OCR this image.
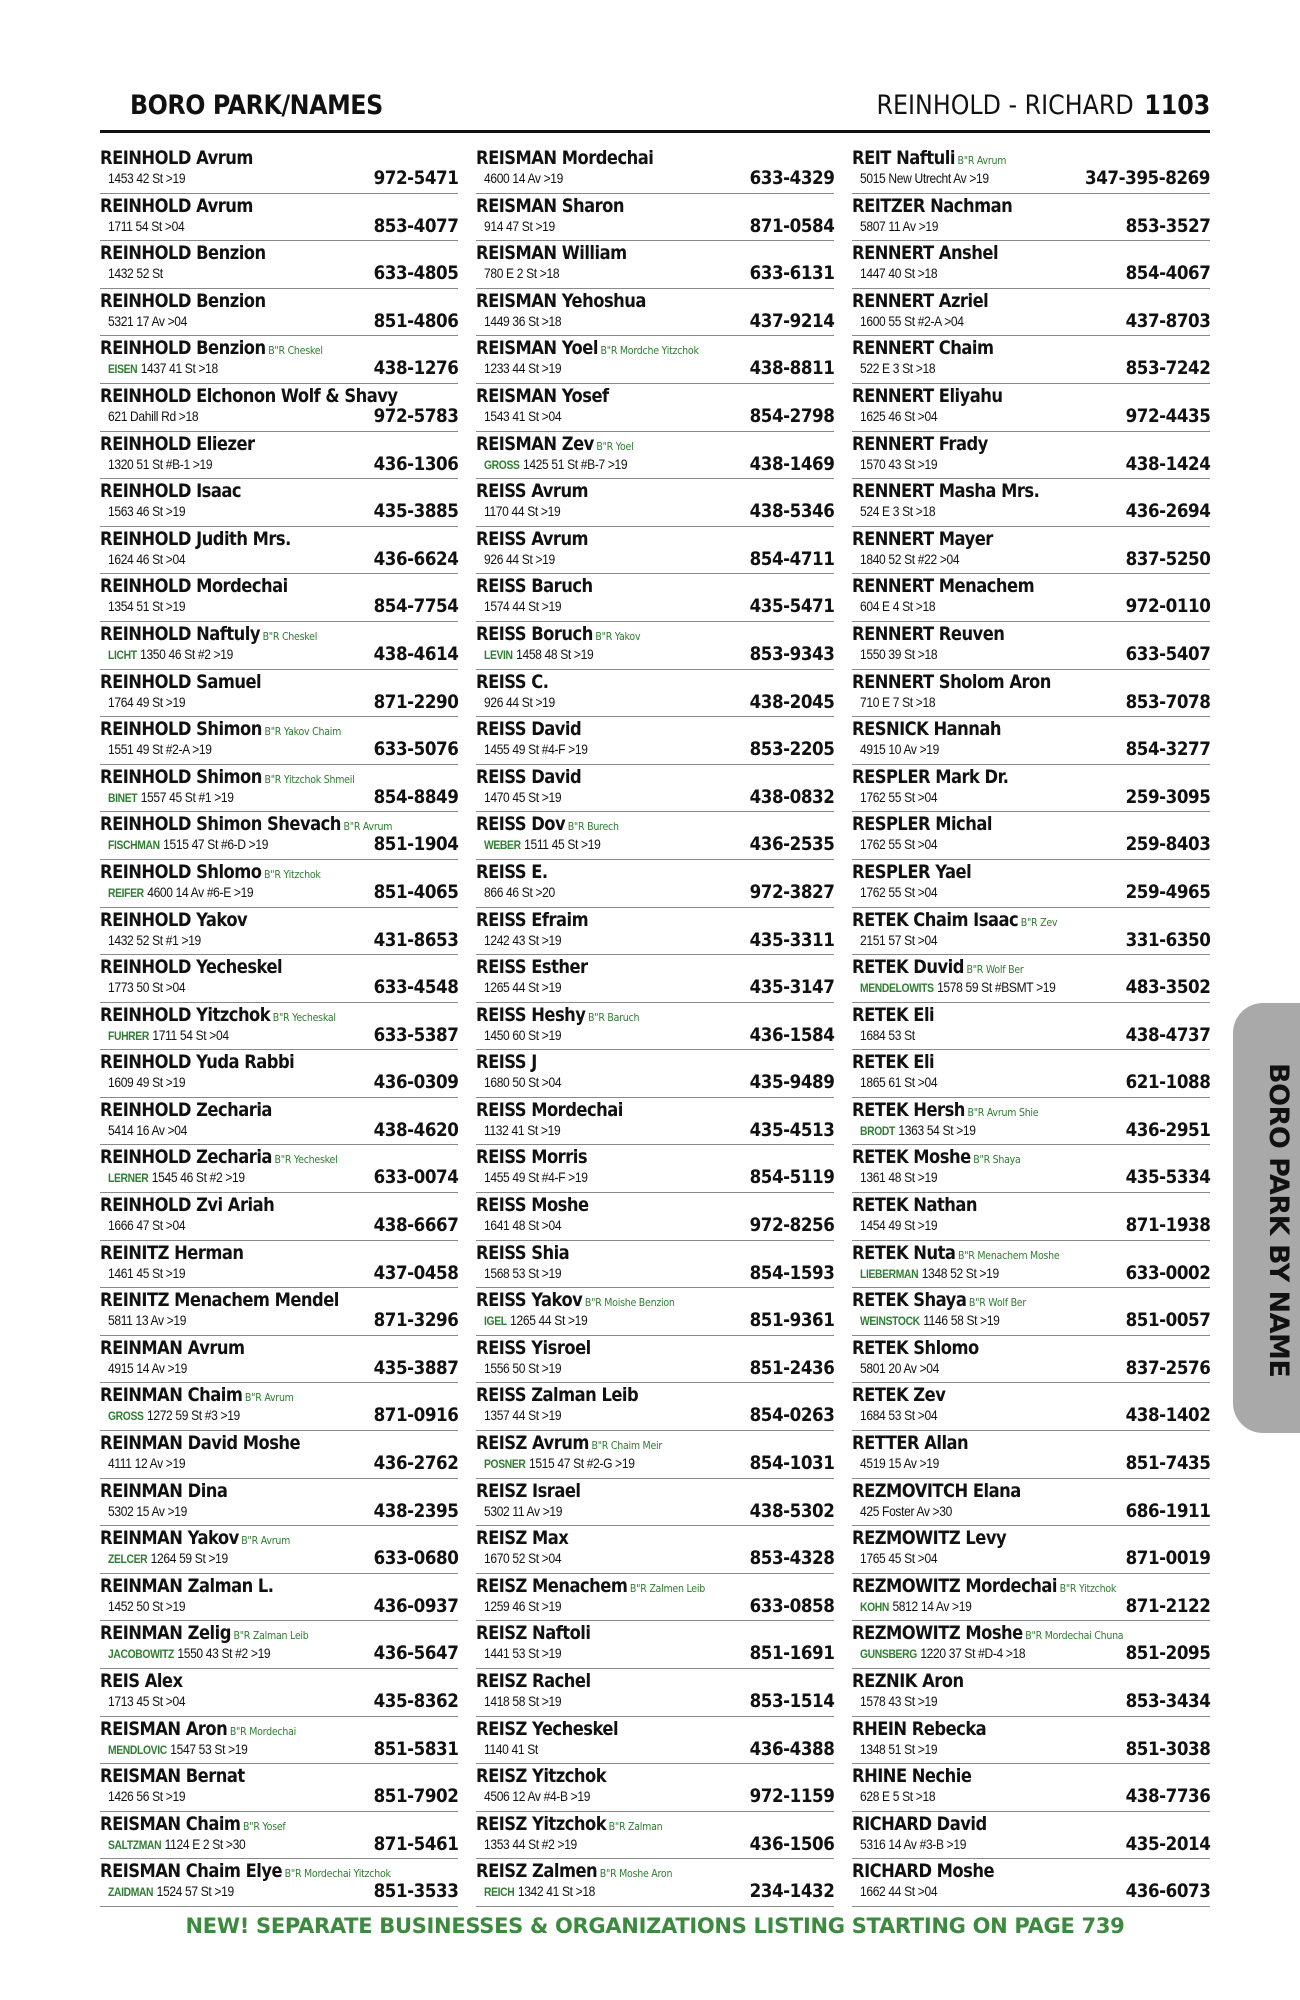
BORO PARK/NAMES	REINHOLD - RICHARD 1103
REINHOLD Avrum
1453 42 St >19	972-5471
REINHOLD Avrum
1711 54 St >04	853-4077
REINHOLD Benzion
1432 52 St	633-4805
REINHOLD Benzion
5321 17 Av >04	851-4806
REINHOLD Benzion B"R Cheskel
EISEN 1437 41 St >18	438-1276
REINHOLD Elchonon Wolf & Shavy
621 Dahill Rd >18	972-5783
REINHOLD Eliezer
1320 51 St #B-1 >19	436-1306
REINHOLD Isaac
1563 46 St >19	435-3885
REINHOLD Judith Mrs.
1624 46 St >04	436-6624
REINHOLD Mordechai
1354 51 St >19	854-7754
REINHOLD Naftuly B"R Cheskel
LICHT 1350 46 St #2 >19	438-4614
REINHOLD Samuel
1764 49 St >19	871-2290
REINHOLD Shimon B"R Yakov Chaim
1551 49 St #2-A >19	633-5076
REINHOLD Shimon B"R Yitzchok Shmeil
BINET 1557 45 St #1 >19	854-8849
REINHOLD Shimon Shevach B"R Avrum
FISCHMAN 1515 47 St #6-D >19	851-1904
REINHOLD Shlomo B"R Yitzchok
REIFER 4600 14 Av #6-E >19	851-4065
REINHOLD Yakov
1432 52 St #1 >19	431-8653
REINHOLD Yecheskel
1773 50 St >04	633-4548
REINHOLD Yitzchok B"R Yecheskal
FUHRER 1711 54 St >04	633-5387
REINHOLD Yuda Rabbi
1609 49 St >19	436-0309
REINHOLD Zecharia
5414 16 Av >04	438-4620
REINHOLD Zecharia B"R Yecheskel
LERNER 1545 46 St #2 >19	633-0074
REINHOLD Zvi Ariah
1666 47 St >04	438-6667
REINITZ Herman
1461 45 St >19	437-0458
REINITZ Menachem Mendel
5811 13 Av >19	871-3296
REINMAN Avrum
4915 14 Av >19	435-3887
REINMAN Chaim B"R Avrum
GROSS 1272 59 St #3 >19	871-0916
REINMAN David Moshe
4111 12 Av >19	436-2762
REINMAN Dina
5302 15 Av >19	438-2395
REINMAN Yakov B"R Avrum
ZELCER 1264 59 St >19	633-0680
REINMAN Zalman L.
1452 50 St >19	436-0937
REINMAN Zelig B"R Zalman Leib
JACOBOWITZ 1550 43 St #2 >19	436-5647
REIS Alex
1713 45 St >04	435-8362
REISMAN Aron B"R Mordechai
MENDLOVIC 1547 53 St >19	851-5831
REISMAN Bernat
1426 56 St >19	851-7902
REISMAN Chaim B"R Yosef
SALTZMAN 1124 E 2 St >30	871-5461
REISMAN Chaim Elye B"R Mordechai Yitzchok
ZAIDMAN 1524 57 St >19	851-3533
REISMAN Mordechai
4600 14 Av >19	633-4329
REISMAN Sharon
914 47 St >19	871-0584
REISMAN William
780 E 2 St >18	633-6131
REISMAN Yehoshua
1449 36 St >18	437-9214
REISMAN Yoel B"R Mordche Yitzchok
1233 44 St >19	438-8811
REISMAN Yosef
1543 41 St >04	854-2798
REISMAN Zev B"R Yoel
GROSS 1425 51 St #B-7 >19	438-1469
REISS Avrum
1170 44 St >19	438-5346
REISS Avrum
926 44 St >19	854-4711
REISS Baruch
1574 44 St >19	435-5471
REISS Boruch B"R Yakov
LEVIN 1458 48 St >19	853-9343
REISS C.
926 44 St >19	438-2045
REISS David
1455 49 St #4-F >19	853-2205
REISS David
1470 45 St >19	438-0832
REISS Dov B"R Burech
WEBER 1511 45 St >19	436-2535
REISS E.
866 46 St >20	972-3827
REISS Efraim
1242 43 St >19	435-3311
REISS Esther
1265 44 St >19	435-3147
REISS Heshy B"R Baruch
1450 60 St >19	436-1584
REISS J
1680 50 St >04	435-9489
REISS Mordechai
1132 41 St >19	435-4513
REISS Morris
1455 49 St #4-F >19	854-5119
REISS Moshe
1641 48 St >04	972-8256
REISS Shia
1568 53 St >19	854-1593
REISS Yakov B"R Moishe Benzion
IGEL 1265 44 St >19	851-9361
REISS Yisroel
1556 50 St >19	851-2436
REISS Zalman Leib
1357 44 St >19	854-0263
REISZ Avrum B"R Chaim Meir
POSNER 1515 47 St #2-G >19	854-1031
REISZ Israel
5302 11 Av >19	438-5302
REISZ Max
1670 52 St >04	853-4328
REISZ Menachem B"R Zalmen Leib
1259 46 St >19	633-0858
REISZ Naftoli
1441 53 St >19	851-1691
REISZ Rachel
1418 58 St >19	853-1514
REISZ Yecheskel
1140 41 St	436-4388
REISZ Yitzchok
4506 12 Av #4-B >19	972-1159
REISZ Yitzchok B"R Zalman
1353 44 St #2 >19	436-1506
REISZ Zalmen B"R Moshe Aron
REICH 1342 41 St >18	234-1432
REIT Naftuli B"R Avrum
5015 New Utrecht Av >19	347-395-8269
REITZER Nachman
5807 11 Av >19	853-3527
RENNERT Anshel
1447 40 St >18	854-4067
RENNERT Azriel
1600 55 St #2-A >04	437-8703
RENNERT Chaim
522 E 3 St >18	853-7242
RENNERT Eliyahu
1625 46 St >04	972-4435
RENNERT Frady
1570 43 St >19	438-1424
RENNERT Masha Mrs.
524 E 3 St >18	436-2694
RENNERT Mayer
1840 52 St #22 >04	837-5250
RENNERT Menachem
604 E 4 St >18	972-0110
RENNERT Reuven
1550 39 St >18	633-5407
RENNERT Sholom Aron
710 E 7 St >18	853-7078
RESNICK Hannah
4915 10 Av >19	854-3277
RESPLER Mark Dr.
1762 55 St >04	259-3095
RESPLER Michal
1762 55 St >04	259-8403
RESPLER Yael
1762 55 St >04	259-4965
RETEK Chaim Isaac B"R Zev
2151 57 St >04	331-6350
RETEK Duvid B"R Wolf Ber
MENDELOWITS 1578 59 St #BSMT >19	483-3502
RETEK Eli
1684 53 St	438-4737
RETEK Eli
1865 61 St >04	621-1088
RETEK Hersh B"R Avrum Shie
BRODT 1363 54 St >19	436-2951
RETEK Moshe B"R Shaya
1361 48 St >19	435-5334
RETEK Nathan
1454 49 St >19	871-1938
RETEK Nuta B"R Menachem Moshe
LIEBERMAN 1348 52 St >19	633-0002
RETEK Shaya B"R Wolf Ber
WEINSTOCK 1146 58 St >19	851-0057
RETEK Shlomo
5801 20 Av >04	837-2576
RETEK Zev
1684 53 St >04	438-1402
RETTER Allan
4519 15 Av >19	851-7435
REZMOVITCH Elana
425 Foster Av >30	686-1911
REZMOWITZ Levy
1765 45 St >04	871-0019
REZMOWITZ Mordechai B"R Yitzchok
KOHN 5812 14 Av >19	871-2122
REZMOWITZ Moshe B"R Mordechai Chuna
GUNSBERG 1220 37 St #D-4 >18	851-2095
REZNIK Aron
1578 43 St >19	853-3434
RHEIN Rebecka
1348 51 St >19	851-3038
RHINE Nechie
628 E 5 St >18	438-7736
RICHARD David
5316 14 Av #3-B >19	435-2014
RICHARD Moshe
1662 44 St >04	436-6073
BORO PARK BY NAME
NEW! SEPARATE BUSINESSES & ORGANIZATIONS LISTING STARTING ON PAGE 739
